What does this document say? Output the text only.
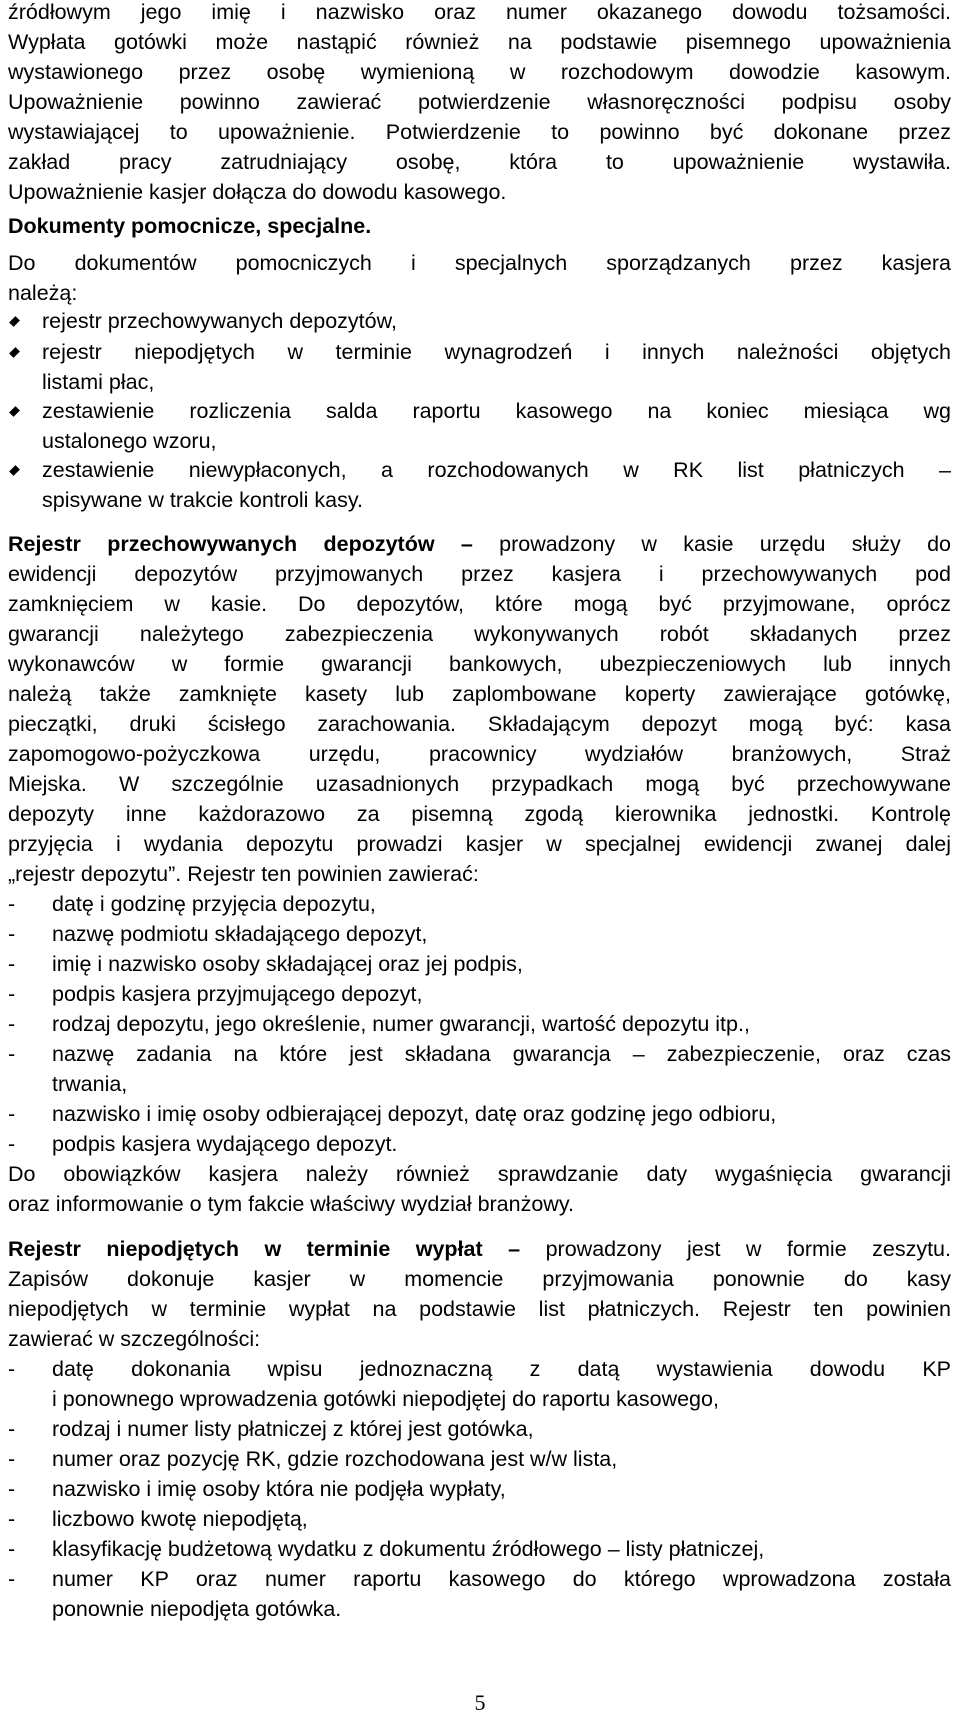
źródłowym jego imię i nazwisko oraz numer okazanego dowodu tożsamości.
Wypłata gotówki może nastąpić również na podstawie pisemnego upoważnienia
wystawionego przez osobę wymienioną w rozchodowym dowodzie kasowym.
Upoważnienie powinno zawierać potwierdzenie własnoręczności podpisu osoby
wystawiającej to upoważnienie. Potwierdzenie to powinno być dokonane przez
zakład pracy zatrudniający osobę, która to upoważnienie wystawiła.
Upoważnienie kasjer dołącza do dowodu kasowego.
Dokumenty pomocnicze, specjalne.
Do dokumentów pomocniczych i specjalnych sporządzanych przez kasjera
należą:
rejestr przechowywanych depozytów,
rejestr niepodjętych w terminie wynagrodzeń i innych należności objętych
listami płac,
zestawienie rozliczenia salda raportu kasowego na koniec miesiąca wg
ustalonego wzoru,
zestawienie niewypłaconych, a rozchodowanych w RK list płatniczych –
spisywane w trakcie kontroli kasy.
Rejestr przechowywanych depozytów – prowadzony w kasie urzędu służy do
ewidencji depozytów przyjmowanych przez kasjera i przechowywanych pod
zamknięciem w kasie. Do depozytów, które mogą być przyjmowane, oprócz
gwarancji należytego zabezpieczenia wykonywanych robót składanych przez
wykonawców w formie gwarancji bankowych, ubezpieczeniowych lub innych
należą także zamknięte kasety lub zaplombowane koperty zawierające gotówkę,
pieczątki, druki ścisłego zarachowania. Składającym depozyt mogą być: kasa
zapomogowo-pożyczkowa urzędu, pracownicy wydziałów branżowych, Straż
Miejska. W szczególnie uzasadnionych przypadkach mogą być przechowywane
depozyty inne każdorazowo za pisemną zgodą kierownika jednostki. Kontrolę
przyjęcia i wydania depozytu prowadzi kasjer w specjalnej ewidencji zwanej dalej
„rejestr depozytu”. Rejestr ten powinien zawierać:
- datę i godzinę przyjęcia depozytu,
- nazwę podmiotu składającego depozyt,
- imię i nazwisko osoby składającej oraz jej podpis,
- podpis kasjera przyjmującego depozyt,
- rodzaj depozytu, jego określenie, numer gwarancji, wartość depozytu itp.,
- nazwę zadania na które jest składana gwarancja – zabezpieczenie, oraz czas
trwania,
- nazwisko i imię osoby odbierającej depozyt, datę oraz godzinę jego odbioru,
- podpis kasjera wydającego depozyt.
Do obowiązków kasjera należy również sprawdzanie daty wygaśnięcia gwarancji
oraz informowanie o tym fakcie właściwy wydział branżowy.
Rejestr niepodjętych w terminie wypłat – prowadzony jest w formie zeszytu.
Zapisów dokonuje kasjer w momencie przyjmowania ponownie do kasy
niepodjętych w terminie wypłat na podstawie list płatniczych. Rejestr ten powinien
zawierać w szczególności:
- datę dokonania wpisu jednoznaczną z datą wystawienia dowodu KP
i ponownego wprowadzenia gotówki niepodjętej do raportu kasowego,
- rodzaj i numer listy płatniczej z której jest gotówka,
- numer oraz pozycję RK, gdzie rozchodowana jest w/w lista,
- nazwisko i imię osoby która nie podjęła wypłaty,
- liczbowo kwotę niepodjętą,
- klasyfikację budżetową wydatku z dokumentu źródłowego – listy płatniczej,
- numer KP oraz numer raportu kasowego do którego wprowadzona została
ponownie niepodjęta gotówka.
5
